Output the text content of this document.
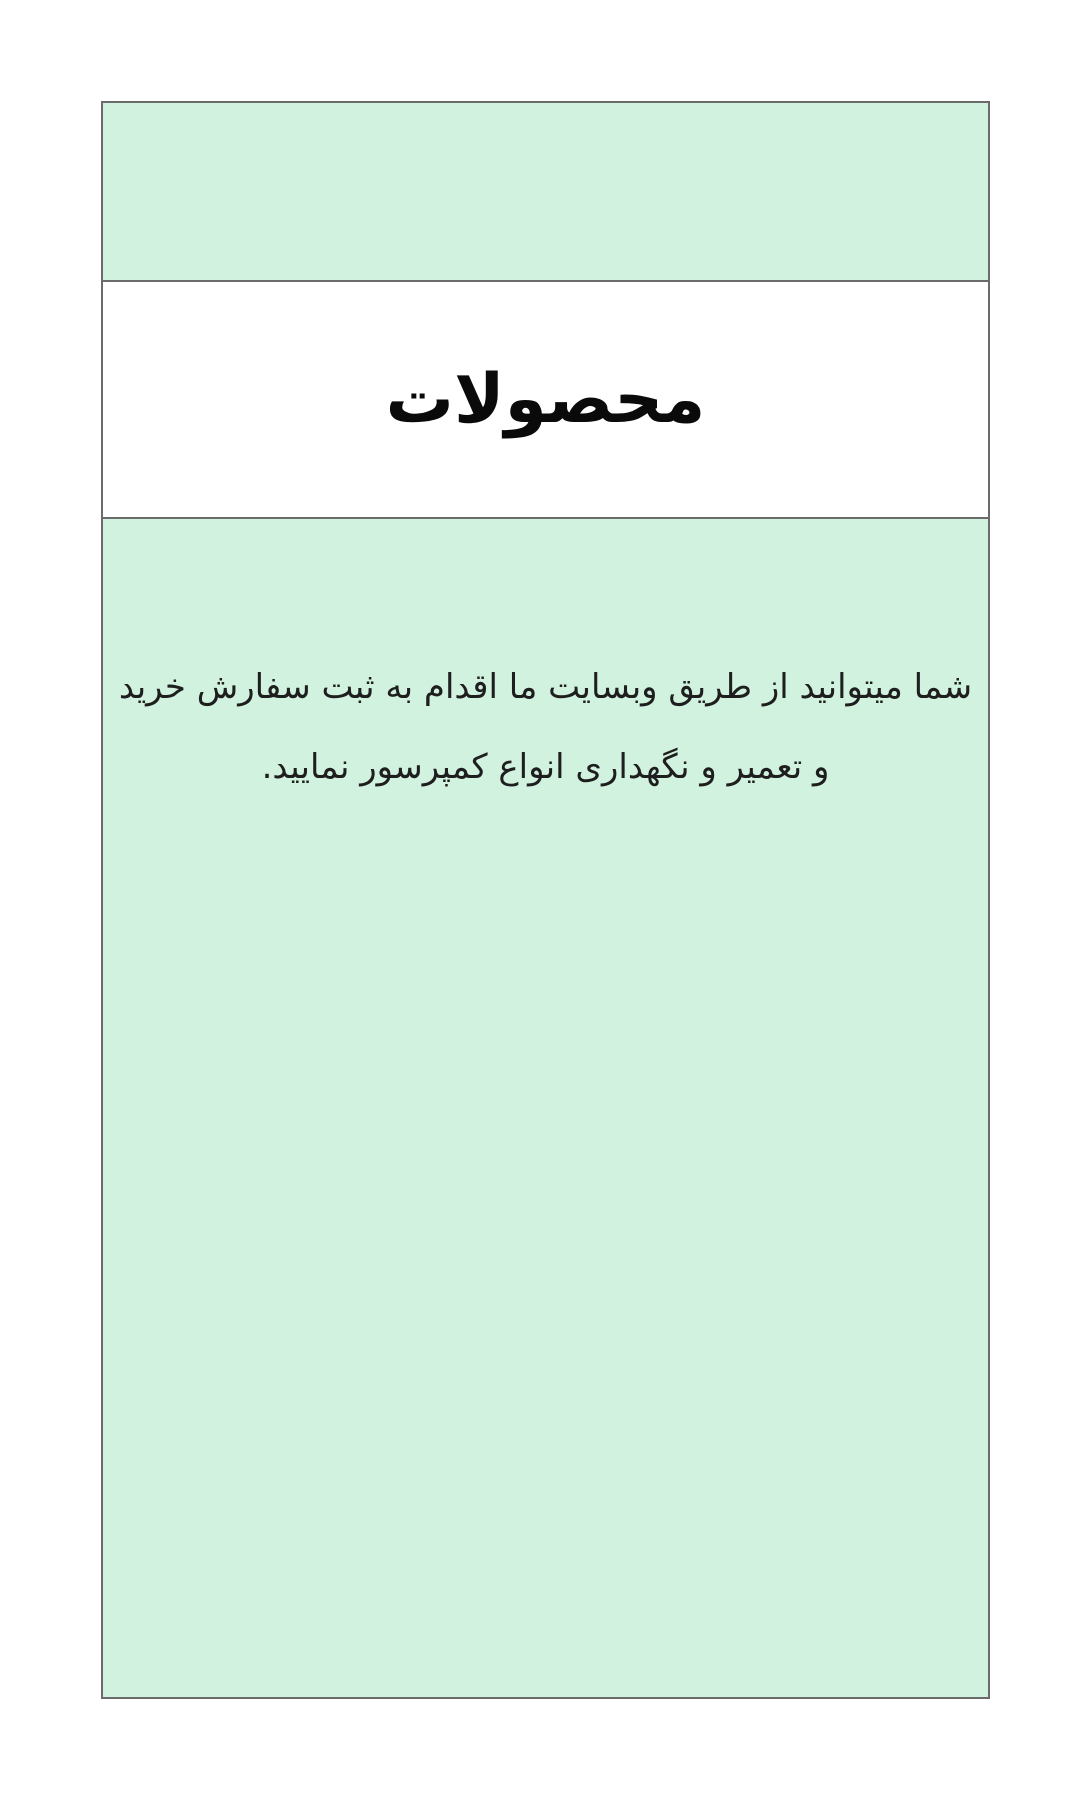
محصولات

شما میتوانید از طریق وبسایت ما اقدام به ثبت سفارش خرید
و تعمیر و نگهداری انواع کمپرسور نمایید.
